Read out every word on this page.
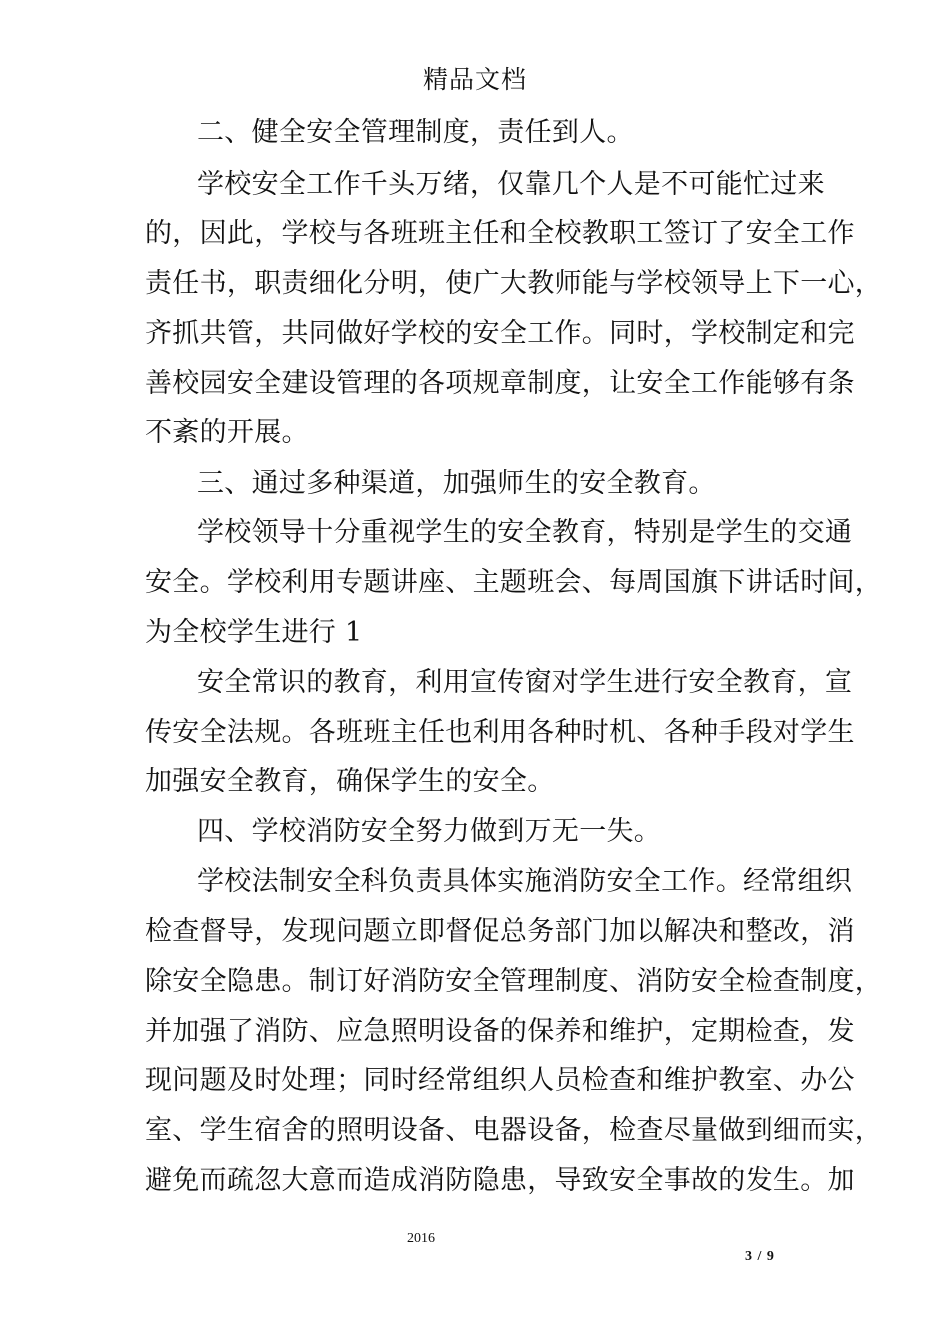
精品文档
二、健全安全管理制度，责任到人。
学校安全工作千头万绪，仅靠几个人是不可能忙过来
的，因此，学校与各班班主任和全校教职工签订了安全工作
责任书，职责细化分明，使广大教师能与学校领导上下一心，
齐抓共管，共同做好学校的安全工作。同时，学校制定和完
善校园安全建设管理的各项规章制度，让安全工作能够有条
不紊的开展。
三、通过多种渠道，加强师生的安全教育。
学校领导十分重视学生的安全教育，特别是学生的交通
安全。学校利用专题讲座、主题班会、每周国旗下讲话时间，
为全校学生进行 1
安全常识的教育，利用宣传窗对学生进行安全教育，宣
传安全法规。各班班主任也利用各种时机、各种手段对学生
加强安全教育，确保学生的安全。
四、学校消防安全努力做到万无一失。
学校法制安全科负责具体实施消防安全工作。经常组织
检查督导，发现问题立即督促总务部门加以解决和整改，消
除安全隐患。制订好消防安全管理制度、消防安全检查制度，
并加强了消防、应急照明设备的保养和维护，定期检查，发
现问题及时处理；同时经常组织人员检查和维护教室、办公
室、学生宿舍的照明设备、电器设备，检查尽量做到细而实，
避免而疏忽大意而造成消防隐患，导致安全事故的发生。加
2016
3 / 9
